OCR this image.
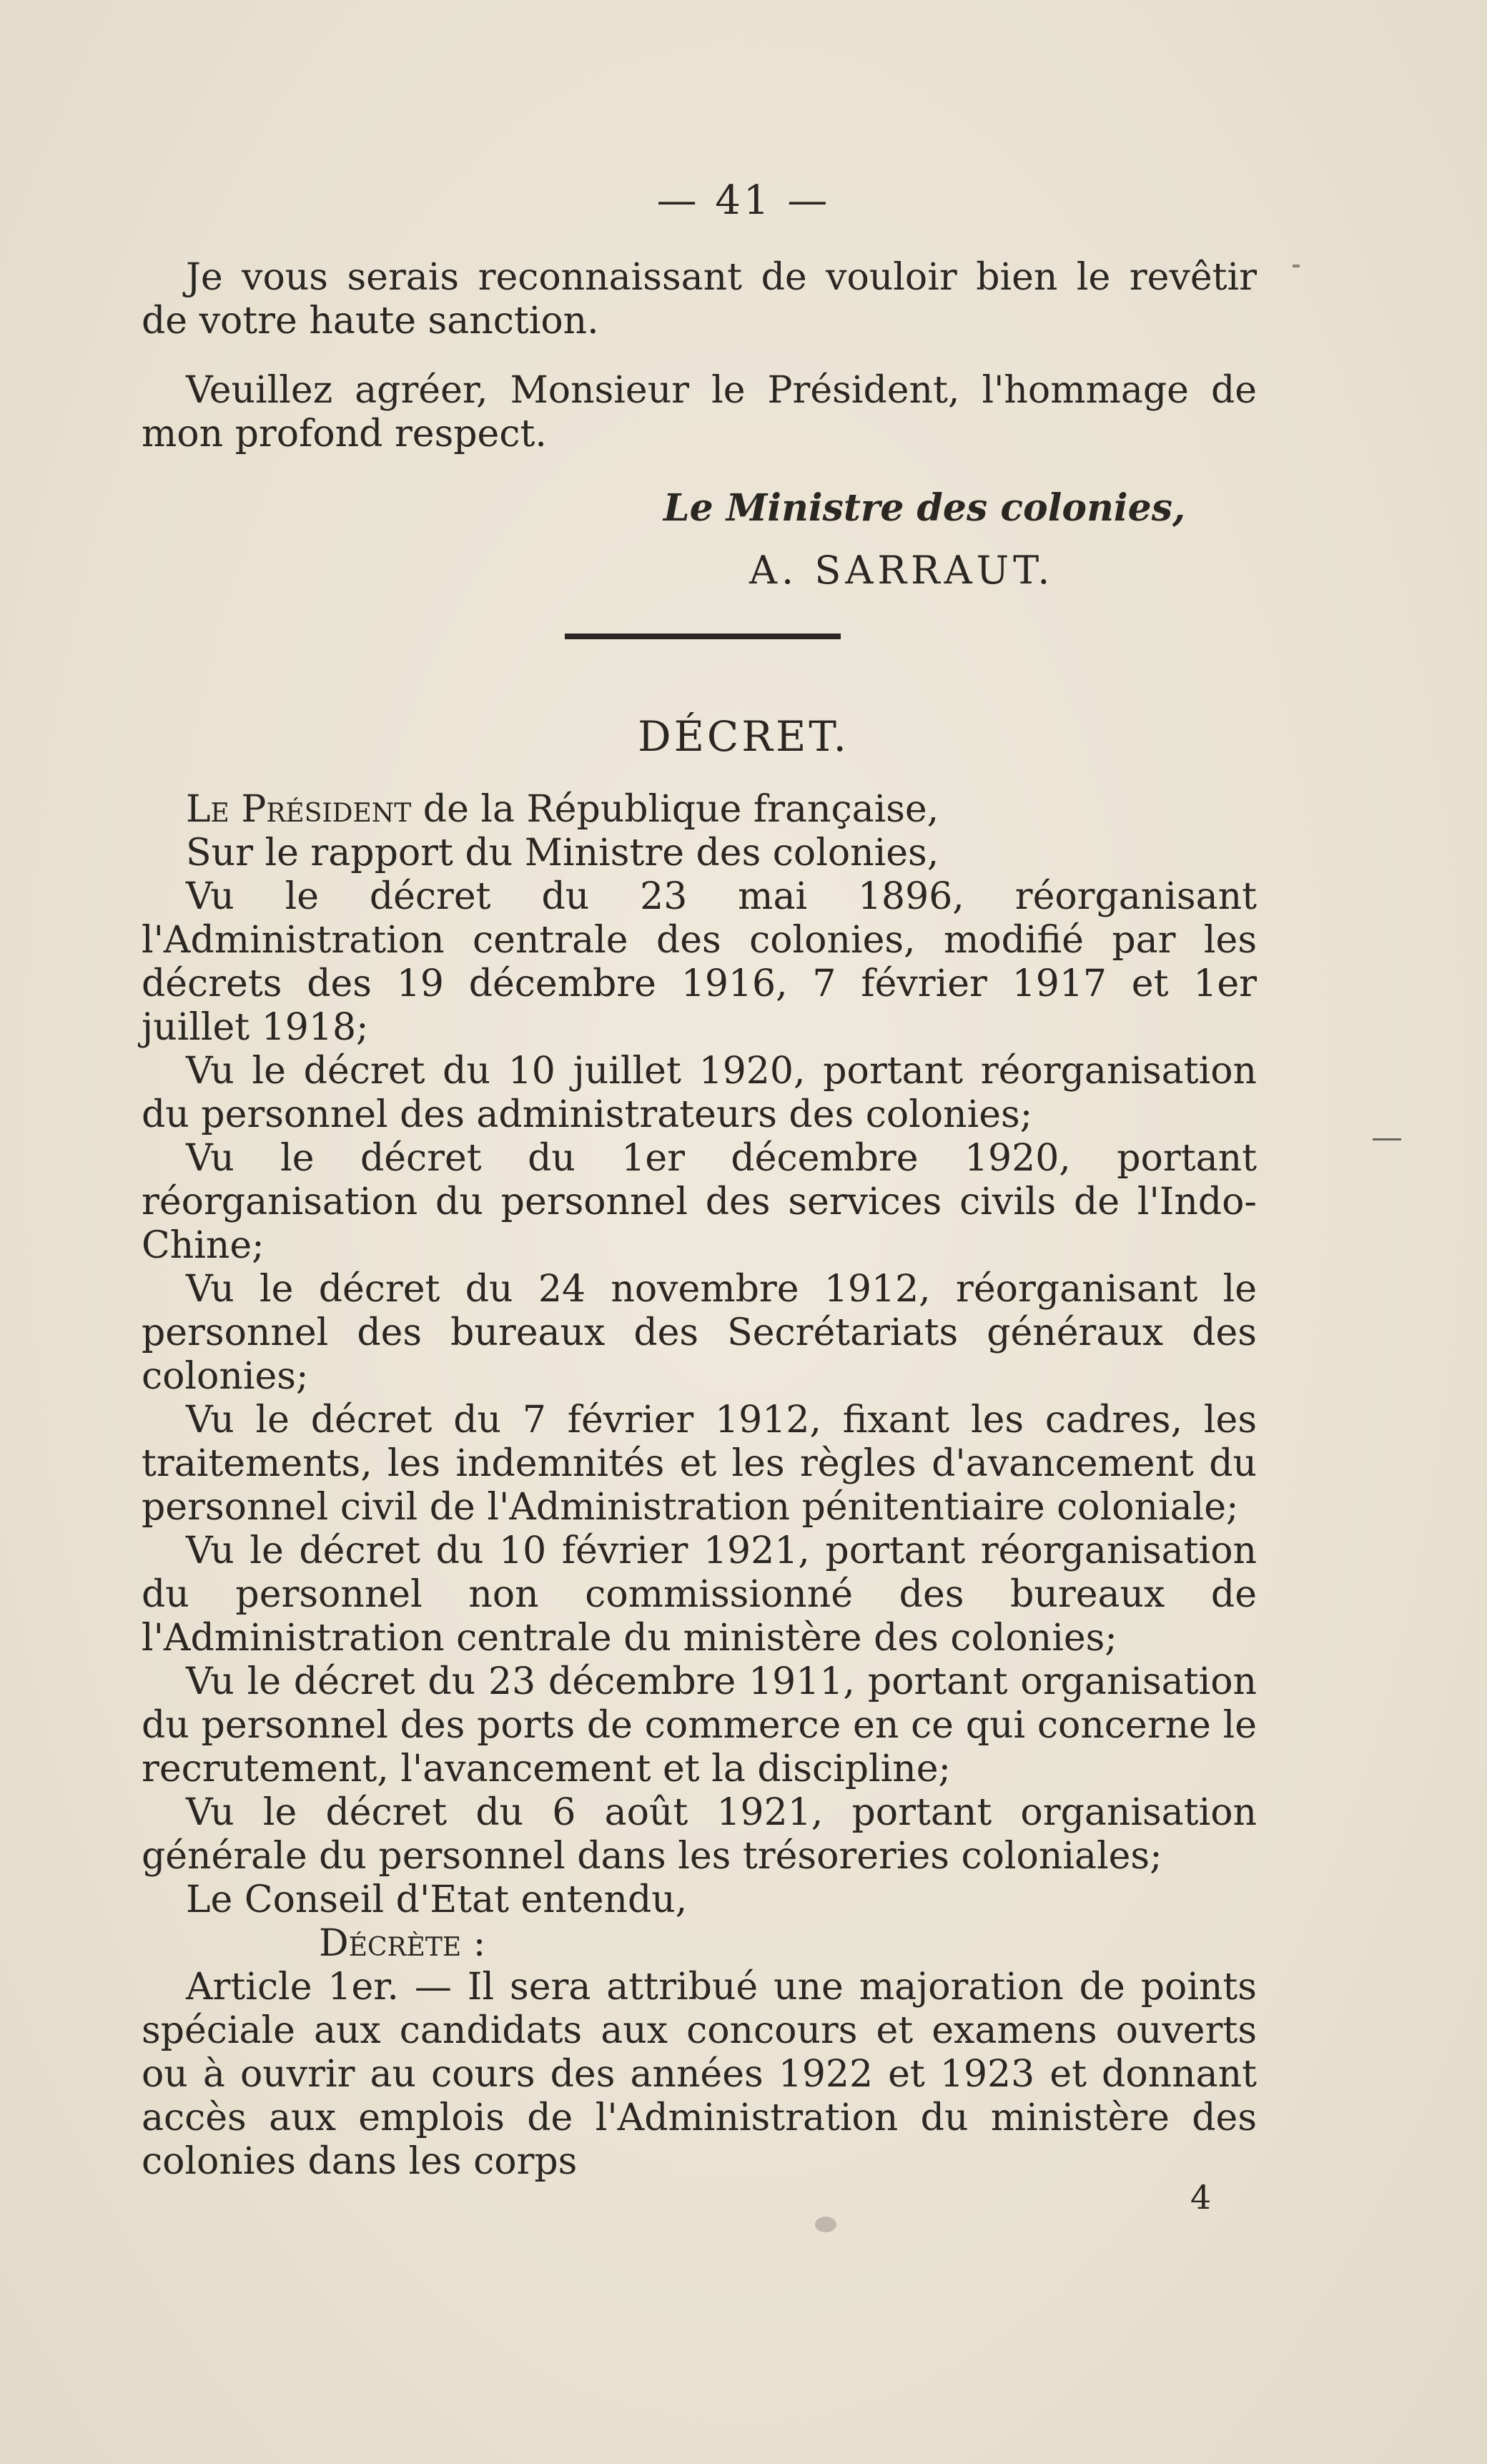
— 41 —

Je vous serais reconnaissant de vouloir bien le revêtir de votre haute sanction.

Veuillez agréer, Monsieur le Président, l'hommage de mon profond respect.

Le Ministre des colonies,
A. SARRAUT.
DÉCRET.

Le Président de la République française,

Sur le rapport du Ministre des colonies,

Vu le décret du 23 mai 1896, réorganisant l'Administration centrale des colonies, modifié par les décrets des 19 décembre 1916, 7 février 1917 et 1er juillet 1918;

Vu le décret du 10 juillet 1920, portant réorganisation du personnel des administrateurs des colonies;

Vu le décret du 1er décembre 1920, portant réorganisation du personnel des services civils de l'Indo-Chine;

Vu le décret du 24 novembre 1912, réorganisant le personnel des bureaux des Secrétariats généraux des colonies;

Vu le décret du 7 février 1912, fixant les cadres, les traitements, les indemnités et les règles d'avancement du personnel civil de l'Administration pénitentiaire coloniale;

Vu le décret du 10 février 1921, portant réorganisation du personnel non commissionné des bureaux de l'Administration centrale du ministère des colonies;

Vu le décret du 23 décembre 1911, portant organisation du personnel des ports de commerce en ce qui concerne le recrutement, l'avancement et la discipline;

Vu le décret du 6 août 1921, portant organisation générale du personnel dans les trésoreries coloniales;

Le Conseil d'Etat entendu,

Décrète :

Article 1er. — Il sera attribué une majoration de points spéciale aux candidats aux concours et examens ouverts ou à ouvrir au cours des années 1922 et 1923 et donnant accès aux emplois de l'Administration du ministère des colonies dans les corps

4
